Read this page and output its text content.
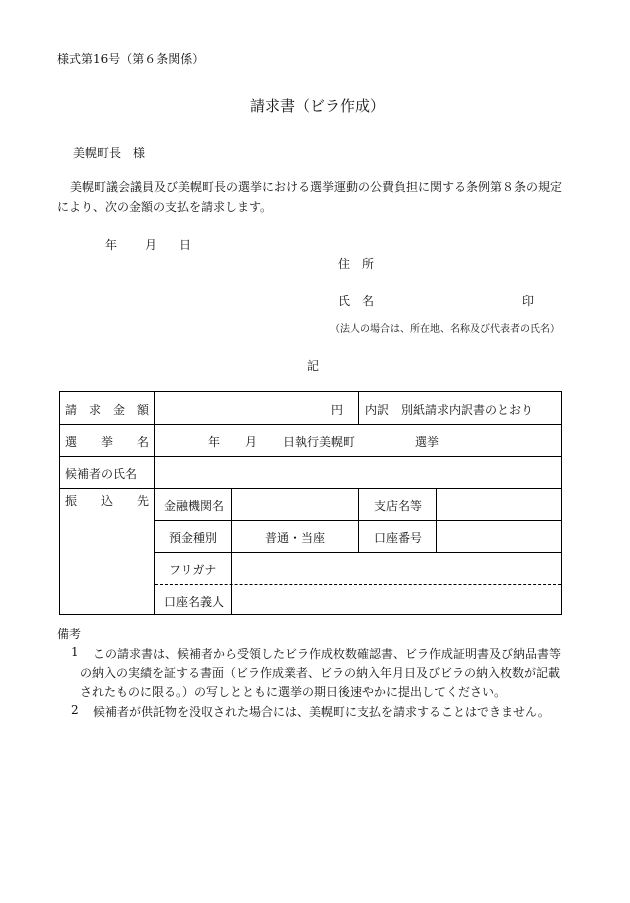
様式第16号（第６条関係）
請求書（ビラ作成）
美幌町長　様
美幌町議会議員及び美幌町長の選挙における選挙運動の公費負担に関する条例第８条の規定
により、次の金額の支払を請求します。
年 月 日
住　所
氏　名	印
（法人の場合は、所在地、名称及び代表者の氏名）
記
請　求　金　額	円 内訳　別紙請求内訳書のとおり
選　　挙　　名	年 月 日執行美幌町	選挙
候補者の氏名
振　　込　　先 金融機関名	支店名等
預金種別	普通・当座	口座番号
フリガナ
口座名義人
備考
1 この請求書は、候補者から受領したビラ作成枚数確認書、ビラ作成証明書及び納品書等
の納入の実績を証する書面（ビラ作成業者、ビラの納入年月日及びビラの納入枚数が記載
されたものに限る。）の写しとともに選挙の期日後速やかに提出してください。
2 候補者が供託物を没収された場合には、美幌町に支払を請求することはできません。
